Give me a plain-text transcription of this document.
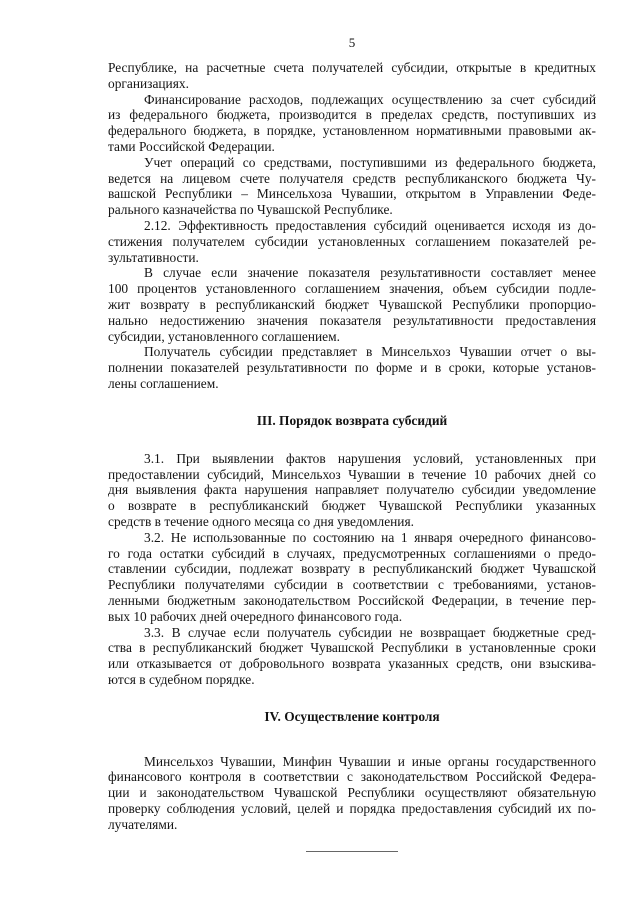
5
Республике, на расчетные счета получателей субсидии, открытые в кредитных
организациях.
Финансирование расходов, подлежащих осуществлению за счет субсидий
из федерального бюджета, производится в пределах средств, поступивших из
федерального бюджета, в порядке, установленном нормативными правовыми ак-
тами Российской Федерации.
Учет операций со средствами, поступившими из федерального бюджета,
ведется на лицевом счете получателя средств республиканского бюджета Чу-
вашской Республики – Минсельхоза Чувашии, открытом в Управлении Феде-
рального казначейства по Чувашской Республике.
2.12. Эффективность предоставления субсидий оценивается исходя из до-
стижения получателем субсидии установленных соглашением показателей ре-
зультативности.
В случае если значение показателя результативности составляет менее
100 процентов установленного соглашением значения, объем субсидии подле-
жит возврату в республиканский бюджет Чувашской Республики пропорцио-
нально недостижению значения показателя результативности предоставления
субсидии, установленного соглашением.
Получатель субсидии представляет в Минсельхоз Чувашии отчет о вы-
полнении показателей результативности по форме и в сроки, которые установ-
лены соглашением.
III. Порядок возврата субсидий
3.1. При выявлении фактов нарушения условий, установленных при
предоставлении субсидий, Минсельхоз Чувашии в течение 10 рабочих дней со
дня выявления факта нарушения направляет получателю субсидии уведомление
о возврате в республиканский бюджет Чувашской Республики указанных
средств в течение одного месяца со дня уведомления.
3.2. Не использованные по состоянию на 1 января очередного финансово-
го года остатки субсидий в случаях, предусмотренных соглашениями о предо-
ставлении субсидии, подлежат возврату в республиканский бюджет Чувашской
Республики получателями субсидии в соответствии с требованиями, установ-
ленными бюджетным законодательством Российской Федерации, в течение пер-
вых 10 рабочих дней очередного финансового года.
3.3. В случае если получатель субсидии не возвращает бюджетные сред-
ства в республиканский бюджет Чувашской Республики в установленные сроки
или отказывается от добровольного возврата указанных средств, они взыскива-
ются в судебном порядке.
IV. Осуществление контроля
Минсельхоз Чувашии, Минфин Чувашии и иные органы государственного
финансового контроля в соответствии с законодательством Российской Федера-
ции и законодательством Чувашской Республики осуществляют обязательную
проверку соблюдения условий, целей и порядка предоставления субсидий их по-
лучателями.
